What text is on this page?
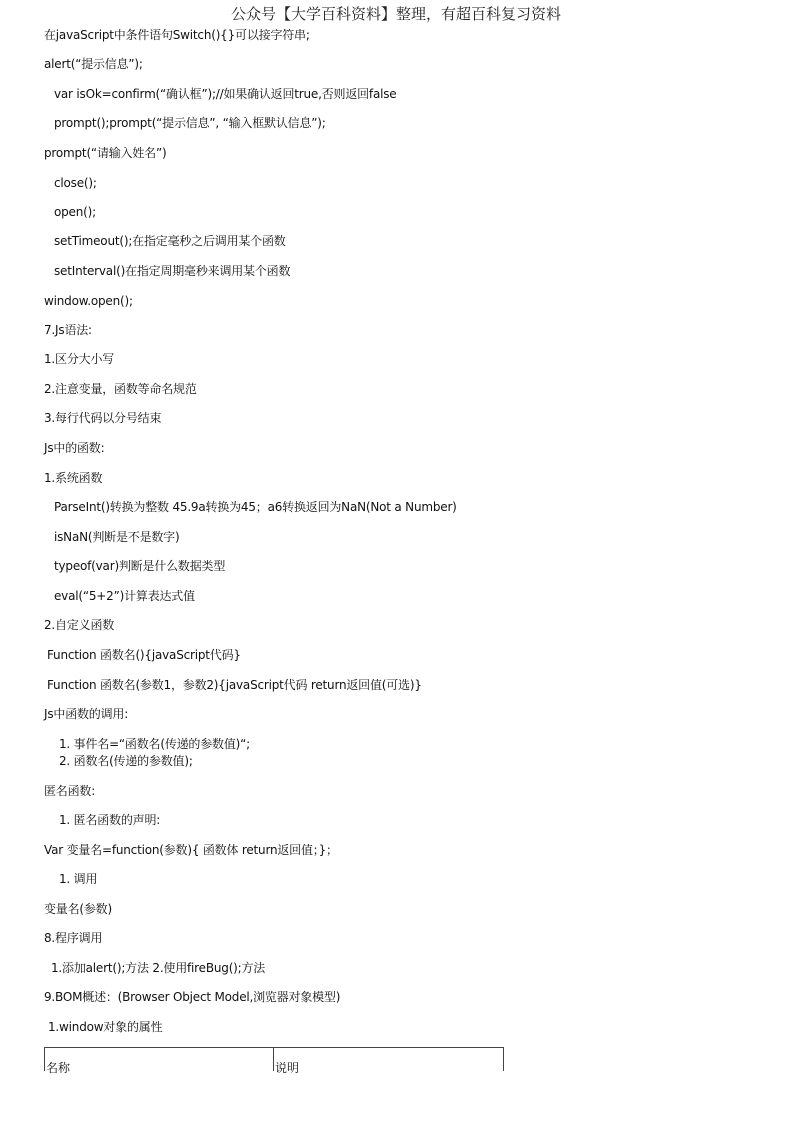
公众号【大学百科资料】整理，有超百科复习资料
在javaScript中条件语句Switch(){}可以接字符串;
alert(“提示信息”);
var isOk=confirm(“确认框”);//如果确认返回true,否则返回false
prompt();prompt(“提示信息”, “输入框默认信息”);
prompt(“请输入姓名”)
close();
open();
setTimeout();在指定毫秒之后调用某个函数
setInterval()在指定周期毫秒来调用某个函数
window.open();
7.Js语法:
1.区分大小写
2.注意变量，函数等命名规范
3.每行代码以分号结束
Js中的函数:
1.系统函数
ParseInt()转换为整数 45.9a转换为45；a6转换返回为NaN(Not a Number)
isNaN(判断是不是数字)
typeof(var)判断是什么数据类型
eval(“5+2”)计算表达式值
2.自定义函数
Function 函数名(){javaScript代码}
Function 函数名(参数1，参数2){javaScript代码 return返回值(可选)}
Js中函数的调用:
1. 事件名=“函数名(传递的参数值)“;
2. 函数名(传递的参数值);
匿名函数:
1. 匿名函数的声明:
Var 变量名=function(参数){ 函数体 return返回值；}；
1. 调用
变量名(参数)
8.程序调用
1.添加alert();方法 2.使用fireBug();方法
9.BOM概述：(Browser Object Model,浏览器对象模型)
1.window对象的属性
名称	说明
